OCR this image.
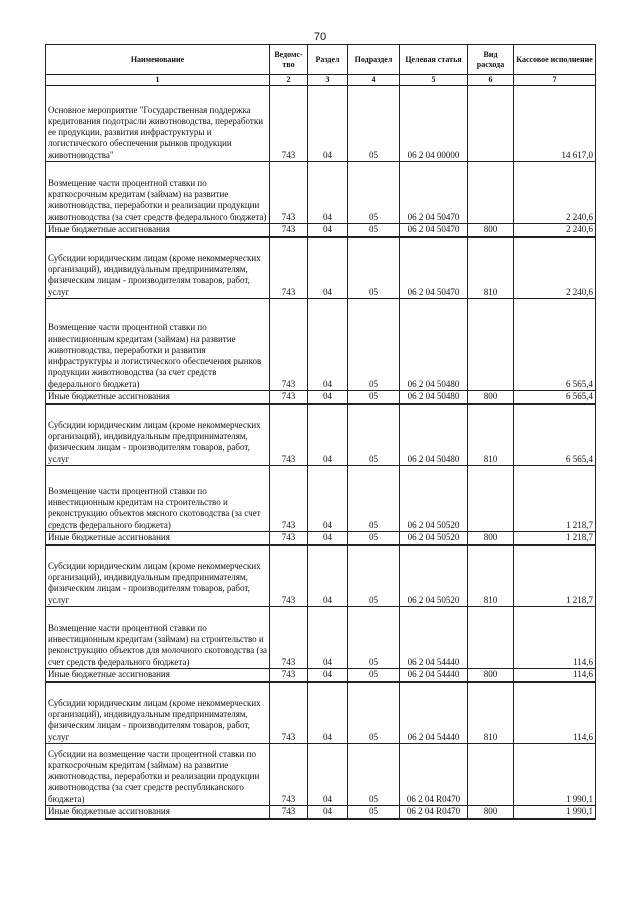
70
Наименование	Ведомс- тво	Раздел	Подраздел	Целевая статья	Вид расхода	Кассовое исполнение
1	2	3	4	5	6	7
Основное мероприятие "Государственная поддержка кредитования подотрасли животноводства, переработки ее продукции, развития инфраструктуры и логистического обеспечения рынков продукции животноводства"	743	04	05	06 2 04 00000		14 617,0
Возмещение части процентной ставки по краткосрочным кредитам (займам) на развитие животноводства, переработки и реализации продукции животноводства (за счет средств федерального бюджета)	743	04	05	06 2 04 50470		2 240,6
Иные бюджетные ассигнования	743	04	05	06 2 04 50470	800	2 240,6
Субсидии юридическим лицам (кроме некоммерческих организаций), индивидуальным предпринимателям, физическим лицам - производителям товаров, работ, услуг	743	04	05	06 2 04 50470	810	2 240,6
Возмещение части процентной ставки по инвестиционным кредитам (займам) на развитие животноводства, переработки и развития инфраструктуры и логистического обеспечения рынков продукции животноводства (за счет средств федерального бюджета)	743	04	05	06 2 04 50480		6 565,4
Иные бюджетные ассигнования	743	04	05	06 2 04 50480	800	6 565,4
Субсидии юридическим лицам (кроме некоммерческих организаций), индивидуальным предпринимателям, физическим лицам - производителям товаров, работ, услуг	743	04	05	06 2 04 50480	810	6 565,4
Возмещение части процентной ставки по инвестиционным кредитам на строительство и реконструкцию объектов мясного скотоводства (за счет средств федерального бюджета)	743	04	05	06 2 04 50520		1 218,7
Иные бюджетные ассигнования	743	04	05	06 2 04 50520	800	1 218,7
Субсидии юридическим лицам (кроме некоммерческих организаций), индивидуальным предпринимателям, физическим лицам - производителям товаров, работ, услуг	743	04	05	06 2 04 50520	810	1 218,7
Возмещение части процентной ставки по инвестиционным кредитам (займам) на строительство и реконструкцию объектов для молочного скотоводства (за счет средств федерального бюджета)	743	04	05	06 2 04 54440		114,6
Иные бюджетные ассигнования	743	04	05	06 2 04 54440	800	114,6
Субсидии юридическим лицам (кроме некоммерческих организаций), индивидуальным предпринимателям, физическим лицам - производителям товаров, работ, услуг	743	04	05	06 2 04 54440	810	114,6
Субсидии на возмещение части процентной ставки по краткосрочным кредитам (займам) на развитие животноводства, переработки и реализации продукции животноводства (за счет средств республиканского бюджета)	743	04	05	06 2 04 R0470		1 990,1
Иные бюджетные ассигнования	743	04	05	06 2 04 R0470	800	1 990,1
